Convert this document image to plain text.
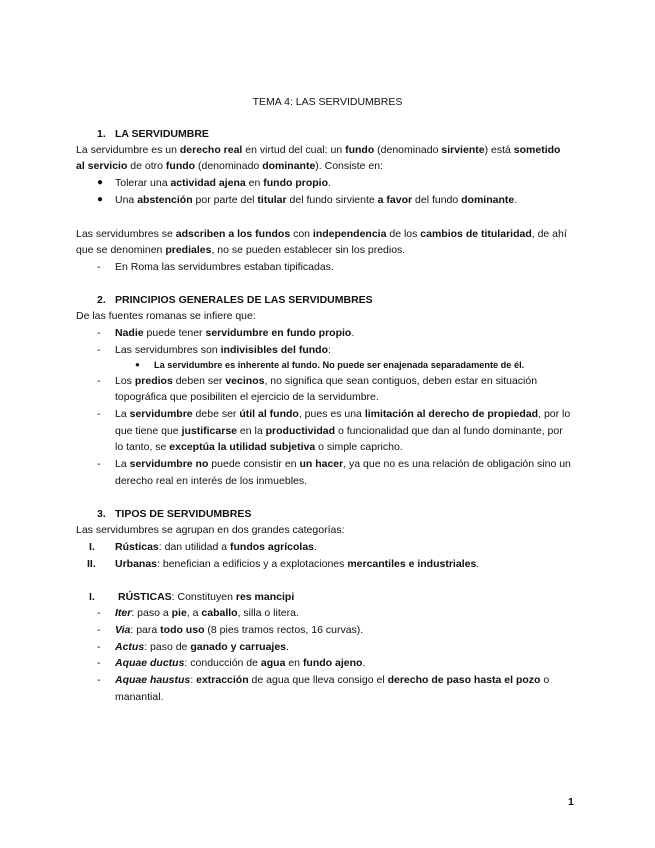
TEMA 4: LAS SERVIDUMBRES
1. LA SERVIDUMBRE
La servidumbre es un derecho real en virtud del cual: un fundo (denominado sirviente) está sometido
al servicio de otro fundo (denominado dominante). Consiste en:
● Tolerar una actividad ajena en fundo propio.
● Una abstención por parte del titular del fundo sirviente a favor del fundo dominante.
Las servidumbres se adscriben a los fundos con independencia de los cambios de titularidad, de ahí
que se denominen prediales, no se pueden establecer sin los predios.
- En Roma las servidumbres estaban tipificadas.
2. PRINCIPIOS GENERALES DE LAS SERVIDUMBRES
De las fuentes romanas se infiere que:
- Nadie puede tener servidumbre en fundo propio.
- Las servidumbres son indivisibles del fundo:
● La servidumbre es inherente al fundo. No puede ser enajenada separadamente de él.
- Los predios deben ser vecinos, no significa que sean contiguos, deben estar en situación
topográfica que posibiliten el ejercicio de la servidumbre.
- La servidumbre debe ser útil al fundo, pues es una limitación al derecho de propiedad, por lo
que tiene que justificarse en la productividad o funcionalidad que dan al fundo dominante, por
lo tanto, se exceptúa la utilidad subjetiva o simple capricho.
- La servidumbre no puede consistir en un hacer, ya que no es una relación de obligación sino un
derecho real en interés de los inmuebles.
3. TIPOS DE SERVIDUMBRES
Las servidumbres se agrupan en dos grandes categorías:
I. Rústicas: dan utilidad a fundos agrícolas.
II. Urbanas: benefician a edificios y a explotaciones mercantiles e industriales.
I. RÚSTICAS: Constituyen res mancipi
- Iter: paso a pie, a caballo, silla o litera.
- Via: para todo uso (8 pies tramos rectos, 16 curvas).
- Actus: paso de ganado y carruajes.
- Aquae ductus: conducción de agua en fundo ajeno.
- Aquae haustus: extracción de agua que lleva consigo el derecho de paso hasta el pozo o
manantial.
1
